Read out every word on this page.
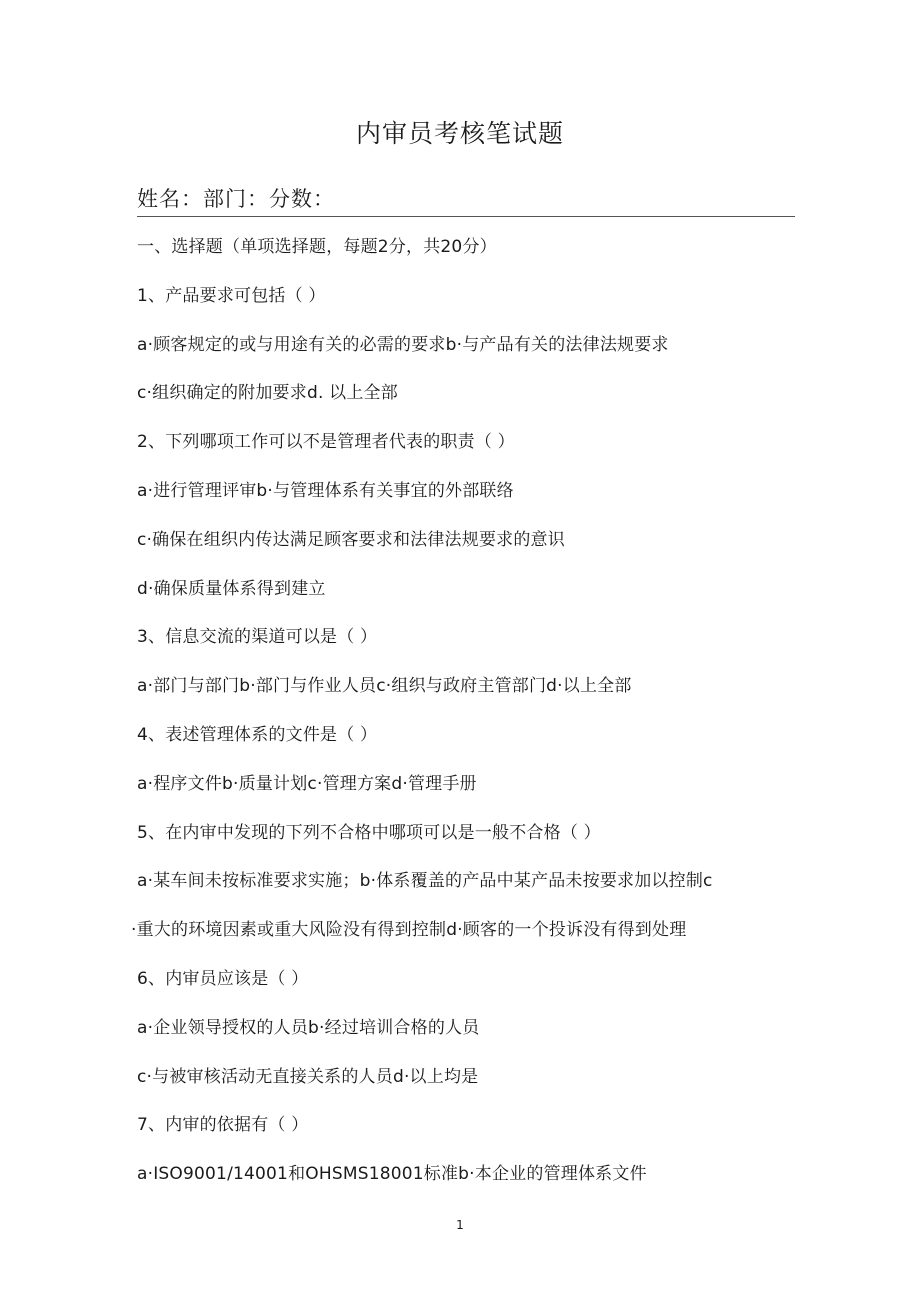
内审员考核笔试题
姓名：部门：分数：
一、选择题（单项选择题，每题2分，共20分）
1、产品要求可包括（ ）
a·顾客规定的或与用途有关的必需的要求b·与产品有关的法律法规要求
c·组织确定的附加要求d. 以上全部
2、下列哪项工作可以不是管理者代表的职责（ ）
a·进行管理评审b·与管理体系有关事宜的外部联络
c·确保在组织内传达满足顾客要求和法律法规要求的意识
d·确保质量体系得到建立
3、信息交流的渠道可以是（ ）
a·部门与部门b·部门与作业人员c·组织与政府主管部门d·以上全部
4、表述管理体系的文件是（ ）
a·程序文件b·质量计划c·管理方案d·管理手册
5、在内审中发现的下列不合格中哪项可以是一般不合格（ ）
a·某车间未按标准要求实施；b·体系覆盖的产品中某产品未按要求加以控制c
·重大的环境因素或重大风险没有得到控制d·顾客的一个投诉没有得到处理
6、内审员应该是（ ）
a·企业领导授权的人员b·经过培训合格的人员
c·与被审核活动无直接关系的人员d·以上均是
7、内审的依据有（ ）
a·ISO9001/14001和OHSMS18001标准b·本企业的管理体系文件
1
